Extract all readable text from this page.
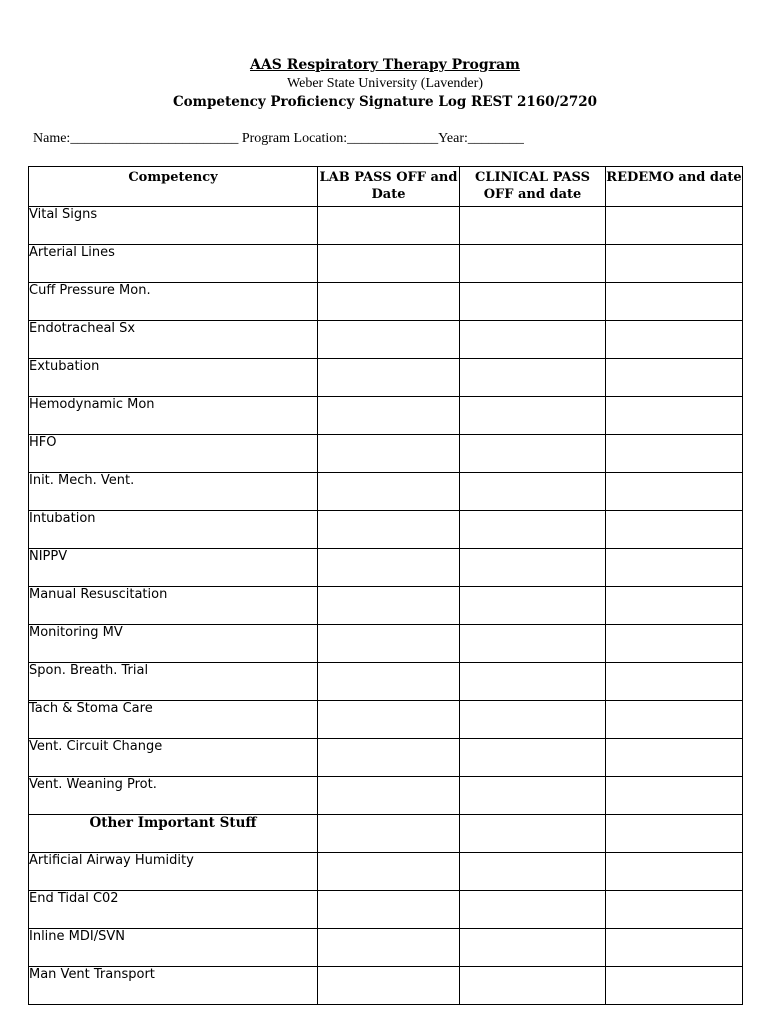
AAS Respiratory Therapy Program
Weber State University (Lavender)
Competency Proficiency Signature Log REST 2160/2720
Name:________________________ Program Location:_____________Year:________
Competency	LAB PASS OFF and Date	CLINICAL PASS OFF and date	REDEMO and date
Vital Signs			
Arterial Lines			
Cuff Pressure Mon.			
Endotracheal Sx			
Extubation			
Hemodynamic Mon			
HFO			
Init. Mech. Vent.			
Intubation			
NIPPV			
Manual Resuscitation			
Monitoring MV			
Spon. Breath. Trial			
Tach & Stoma Care			
Vent. Circuit Change			
Vent. Weaning Prot.			
Other Important Stuff			
Artificial Airway Humidity			
End Tidal C02			
Inline MDI/SVN			
Man Vent Transport			
